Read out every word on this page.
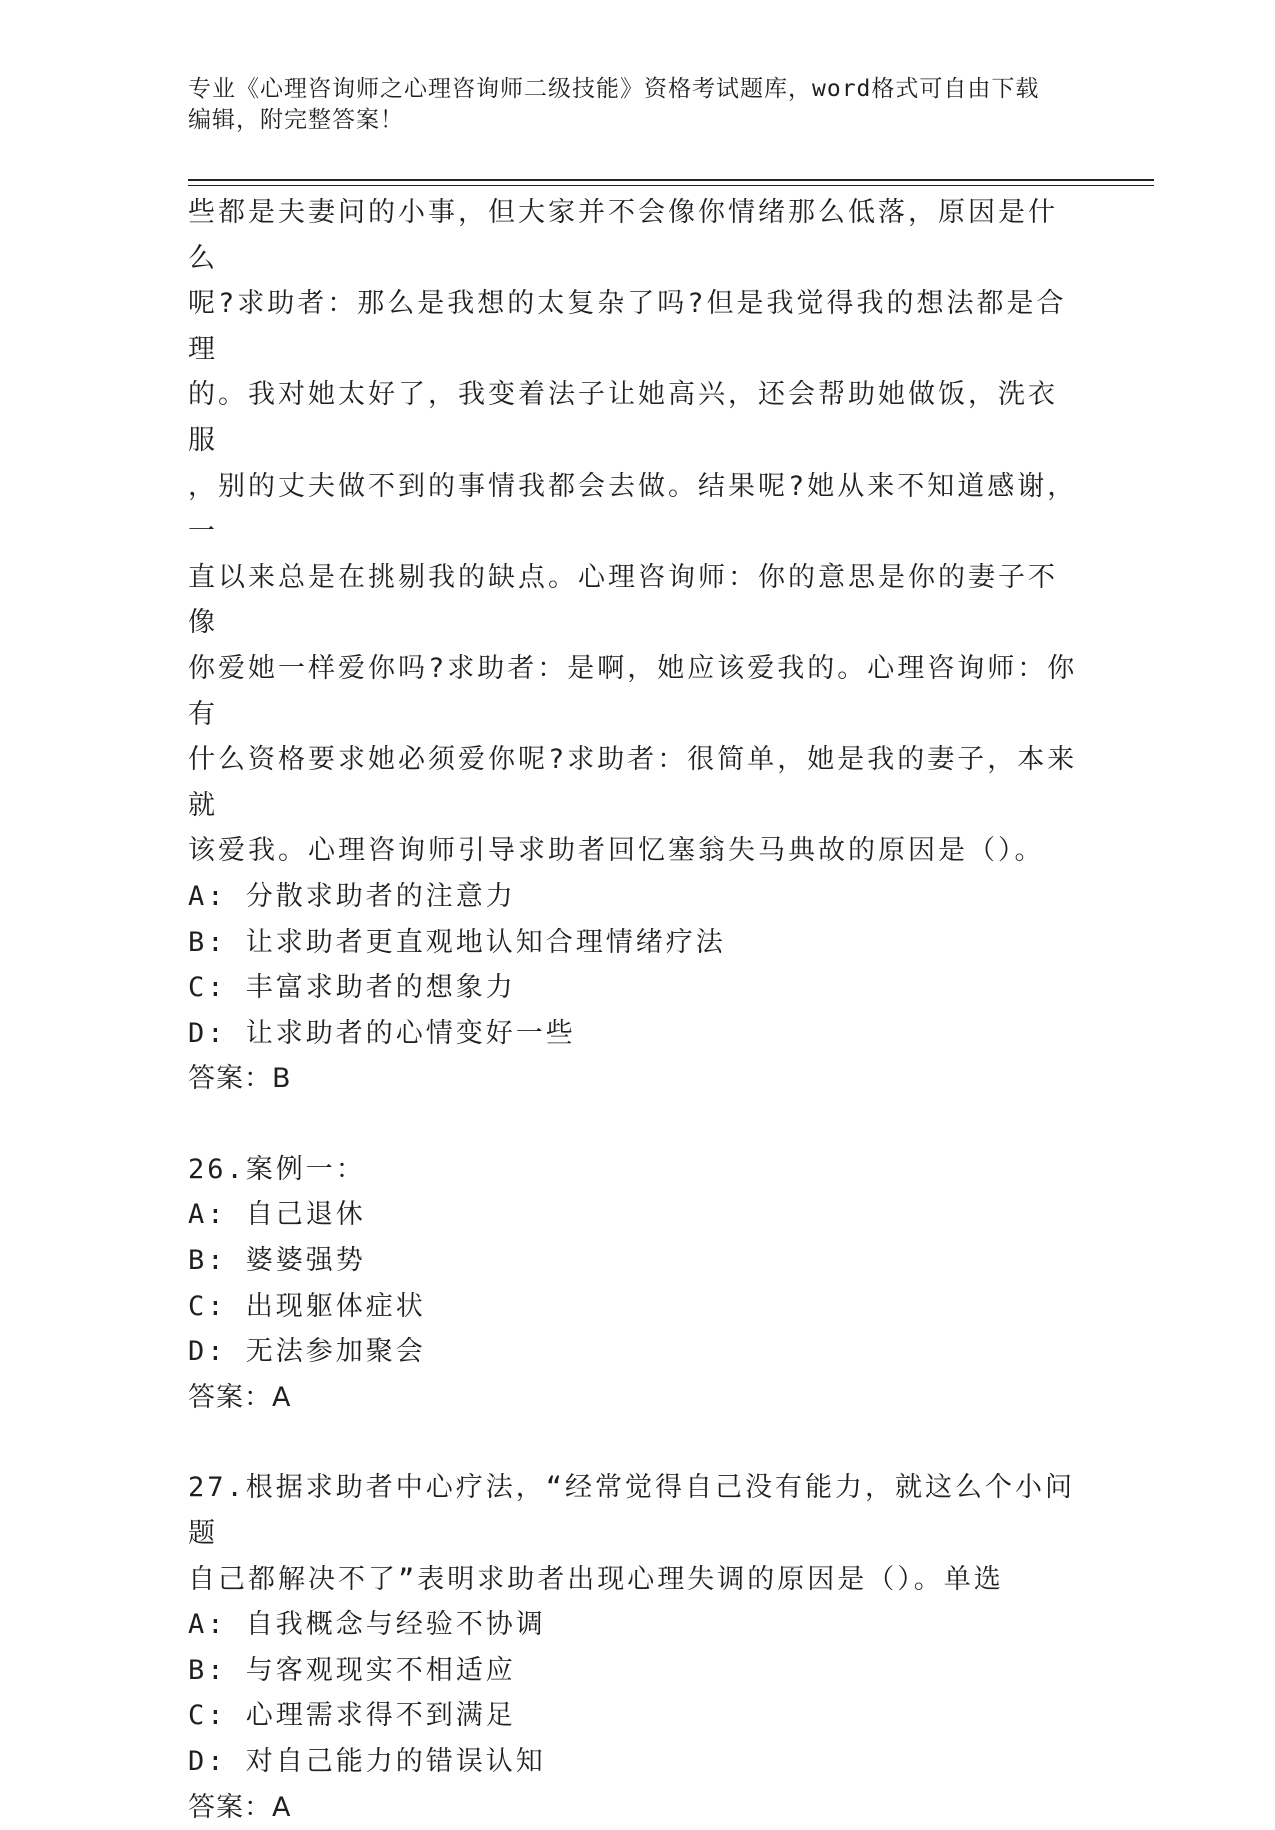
专业《心理咨询师之心理咨询师二级技能》资格考试题库，word格式可自由下载
编辑，附完整答案！

些都是夫妻问的小事，但大家并不会像你情绪那么低落，原因是什么

呢?求助者：那么是我想的太复杂了吗?但是我觉得我的想法都是合理

的。我对她太好了，我变着法子让她高兴，还会帮助她做饭，洗衣服

，别的丈夫做不到的事情我都会去做。结果呢?她从来不知道感谢，一

直以来总是在挑剔我的缺点。心理咨询师：你的意思是你的妻子不像

你爱她一样爱你吗?求助者：是啊，她应该爱我的。心理咨询师：你有

什么资格要求她必须爱你呢?求助者：很简单，她是我的妻子，本来就

该爱我。心理咨询师引导求助者回忆塞翁失马典故的原因是（）。

A: 分散求助者的注意力

B: 让求助者更直观地认知合理情绪疗法

C: 丰富求助者的想象力

D: 让求助者的心情变好一些

答案：B

26.案例一：

A: 自己退休

B: 婆婆强势

C: 出现躯体症状

D: 无法参加聚会

答案：A

27.根据求助者中心疗法，“经常觉得自己没有能力，就这么个小问题

自己都解决不了”表明求助者出现心理失调的原因是（）。单选

A: 自我概念与经验不协调

B: 与客观现实不相适应

C: 心理需求得不到满足

D: 对自己能力的错误认知

答案：A
